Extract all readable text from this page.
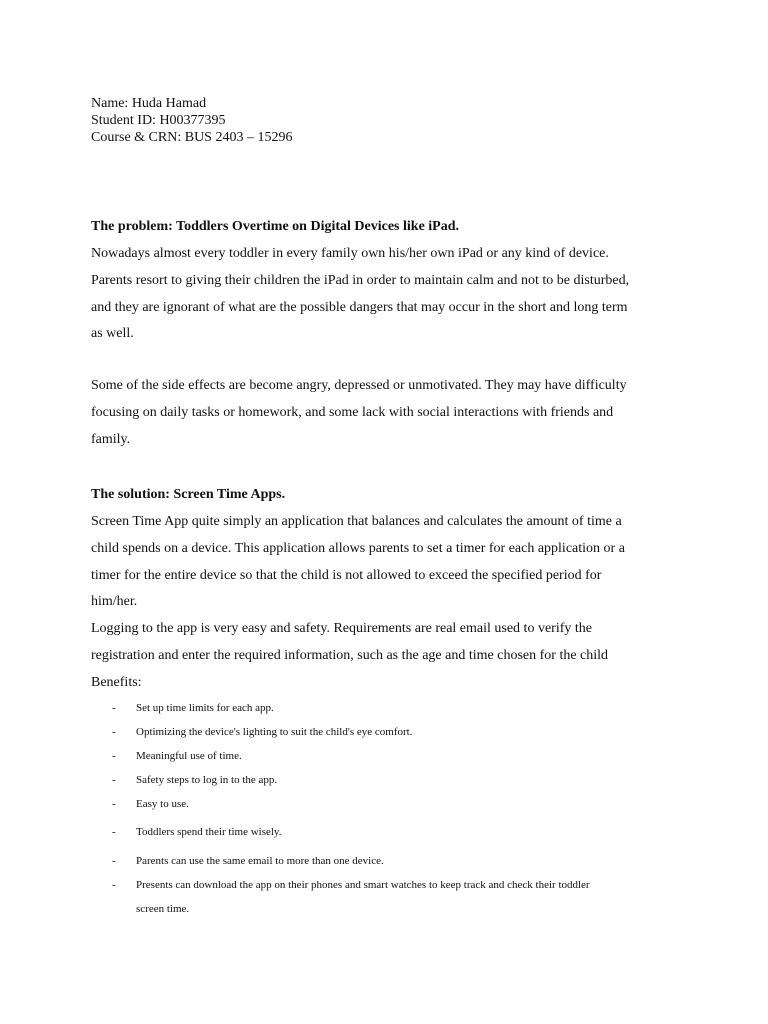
Name: Huda Hamad
Student ID: H00377395
Course & CRN: BUS 2403 – 15296
The problem: Toddlers Overtime on Digital Devices like iPad.

Nowadays almost every toddler in every family own his/her own iPad or any kind of device.
Parents resort to giving their children the iPad in order to maintain calm and not to be disturbed,
and they are ignorant of what are the possible dangers that may occur in the short and long term
as well.

Some of the side effects are become angry, depressed or unmotivated. They may have difficulty
focusing on daily tasks or homework, and some lack with social interactions with friends and
family.

The solution: Screen Time Apps.

Screen Time App quite simply an application that balances and calculates the amount of time a
child spends on a device. This application allows parents to set a timer for each application or a
timer for the entire device so that the child is not allowed to exceed the specified period for
him/her.

Logging to the app is very easy and safety. Requirements are real email used to verify the
registration and enter the required information, such as the age and time chosen for the child
Benefits:

- Set up time limits for each app.
- Optimizing the device's lighting to suit the child's eye comfort.
- Meaningful use of time.
- Safety steps to log in to the app.
- Easy to use.
- Toddlers spend their time wisely.
- Parents can use the same email to more than one device.
- Presents can download the app on their phones and smart watches to keep track and check their toddler
screen time.
